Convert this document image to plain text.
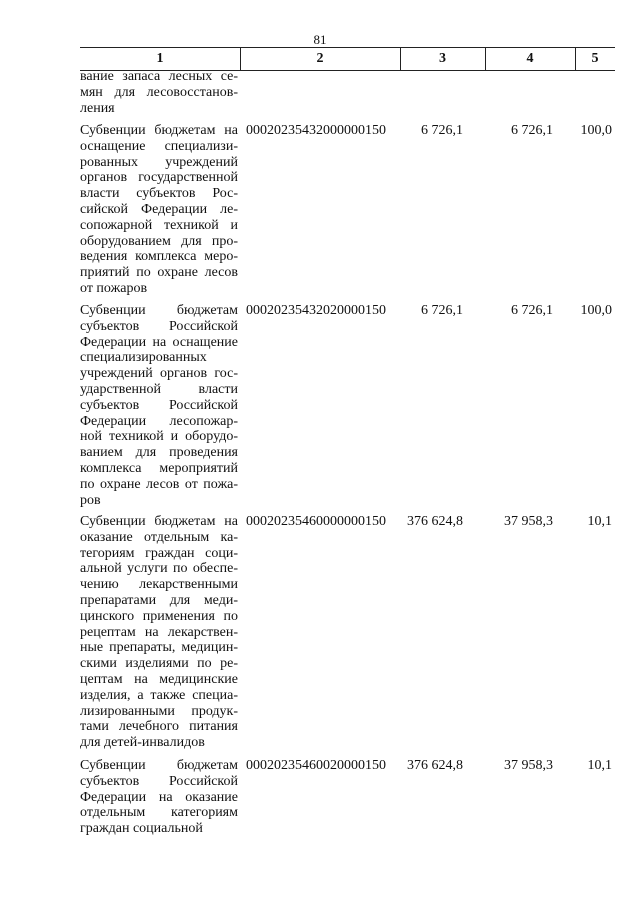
81
1	2	3	4	5
вание запаса лесных се-
мян для лесовосстанов-
ления
Субвенции бюджетам на
оснащение специализи-
рованных учреждений
органов государственной
власти субъектов Рос-
сийской Федерации ле-
сопожарной техникой и
оборудованием для про-
ведения комплекса меро-
приятий по охране лесов
от пожаров
00020235432000000150	6 726,1	6 726,1	100,0
Субвенции бюджетам
субъектов Российской
Федерации на оснащение
специализированных
учреждений органов гос-
ударственной власти
субъектов Российской
Федерации лесопожар-
ной техникой и оборудо-
ванием для проведения
комплекса мероприятий
по охране лесов от пожа-
ров
00020235432020000150	6 726,1	6 726,1	100,0
Субвенции бюджетам на
оказание отдельным ка-
тегориям граждан соци-
альной услуги по обеспе-
чению лекарственными
препаратами для меди-
цинского применения по
рецептам на лекарствен-
ные препараты, медицин-
скими изделиями по ре-
цептам на медицинские
изделия, а также специа-
лизированными продук-
тами лечебного питания
для детей-инвалидов
00020235460000000150	376 624,8	37 958,3	10,1
Субвенции бюджетам
субъектов Российской
Федерации на оказание
отдельным категориям
граждан социальной
00020235460020000150	376 624,8	37 958,3	10,1
